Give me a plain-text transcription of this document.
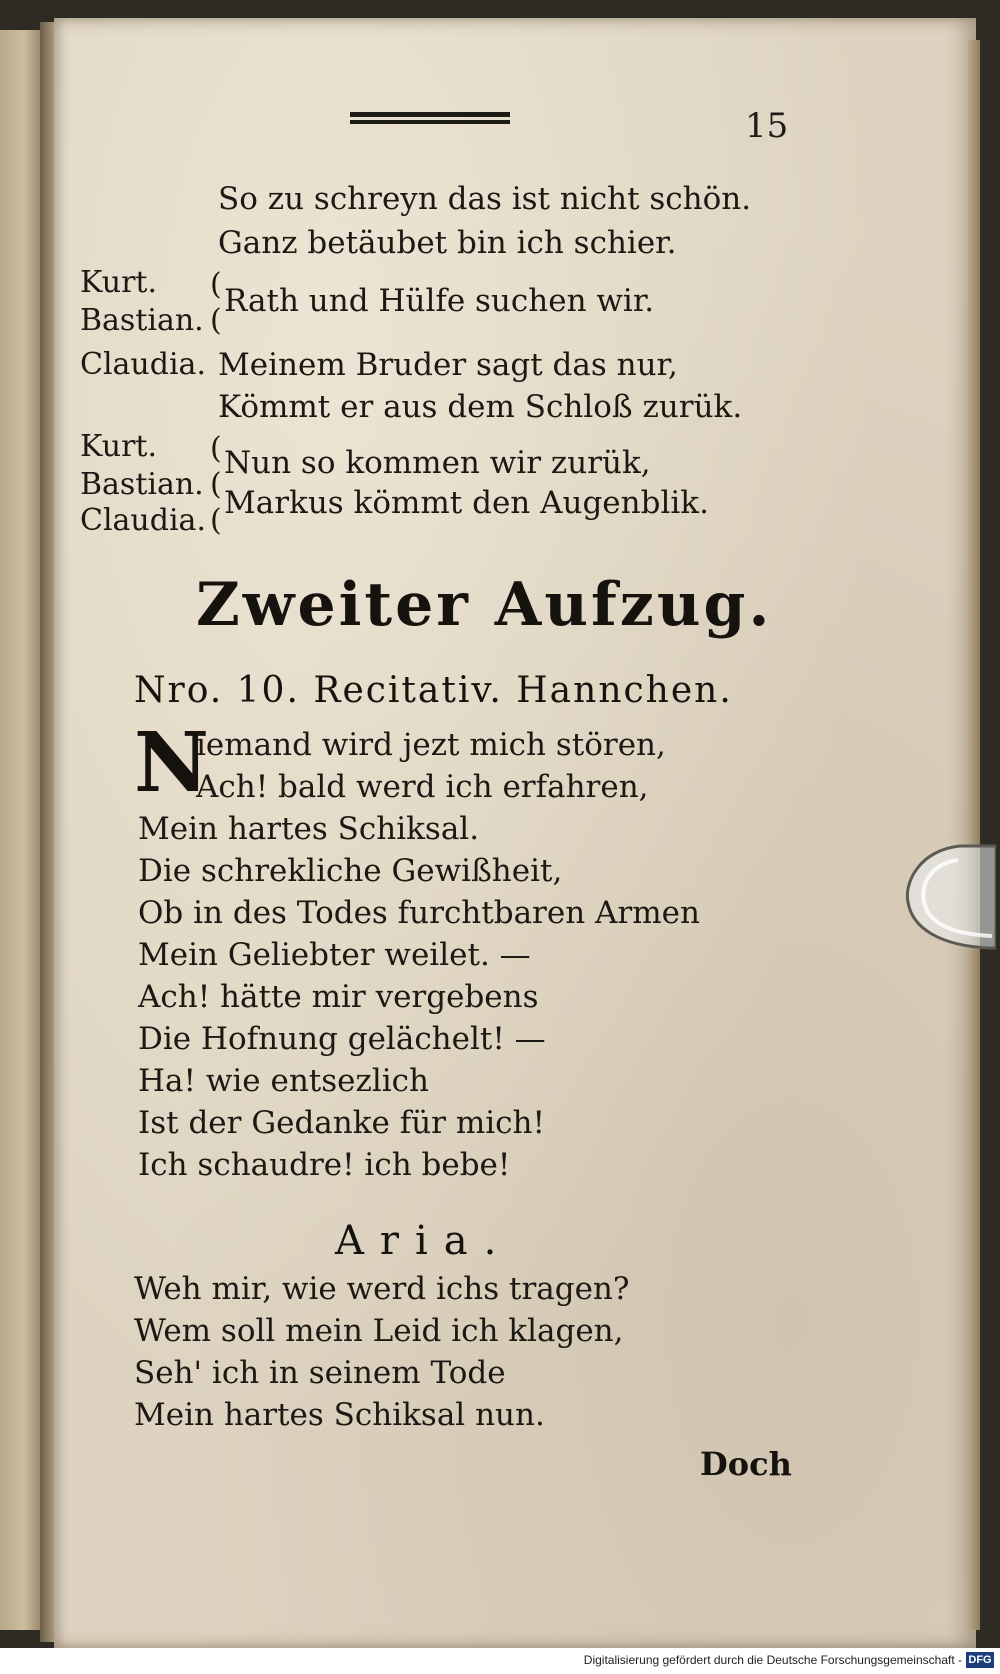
15
So zu schreyn das ist nicht schön.
Ganz betäubet bin ich schier.
Kurt.
Bastian.
(
(
Rath und Hülfe suchen wir.
Claudia. Meinem Bruder sagt das nur,
Kömmt er aus dem Schloß zurük.
Kurt.
Bastian.
Claudia.
(
(
(
Nun so kommen wir zurük,
Markus kömmt den Augenblik.
Zweiter Aufzug.
Nro. 10. Recitativ. Hannchen.
N
iemand wird jezt mich stören,
Ach! bald werd ich erfahren,
Mein hartes Schiksal.
Die schrekliche Gewißheit,
Ob in des Todes furchtbaren Armen
Mein Geliebter weilet. —
Ach! hätte mir vergebens
Die Hofnung gelächelt! —
Ha! wie entsezlich
Ist der Gedanke für mich!
Ich schaudre! ich bebe!
Aria.
Weh mir, wie werd ichs tragen?
Wem soll mein Leid ich klagen,
Seh' ich in seinem Tode
Mein hartes Schiksal nun.
Doch
Digitalisierung gefördert durch die Deutsche Forschungsgemeinschaft - DFG
